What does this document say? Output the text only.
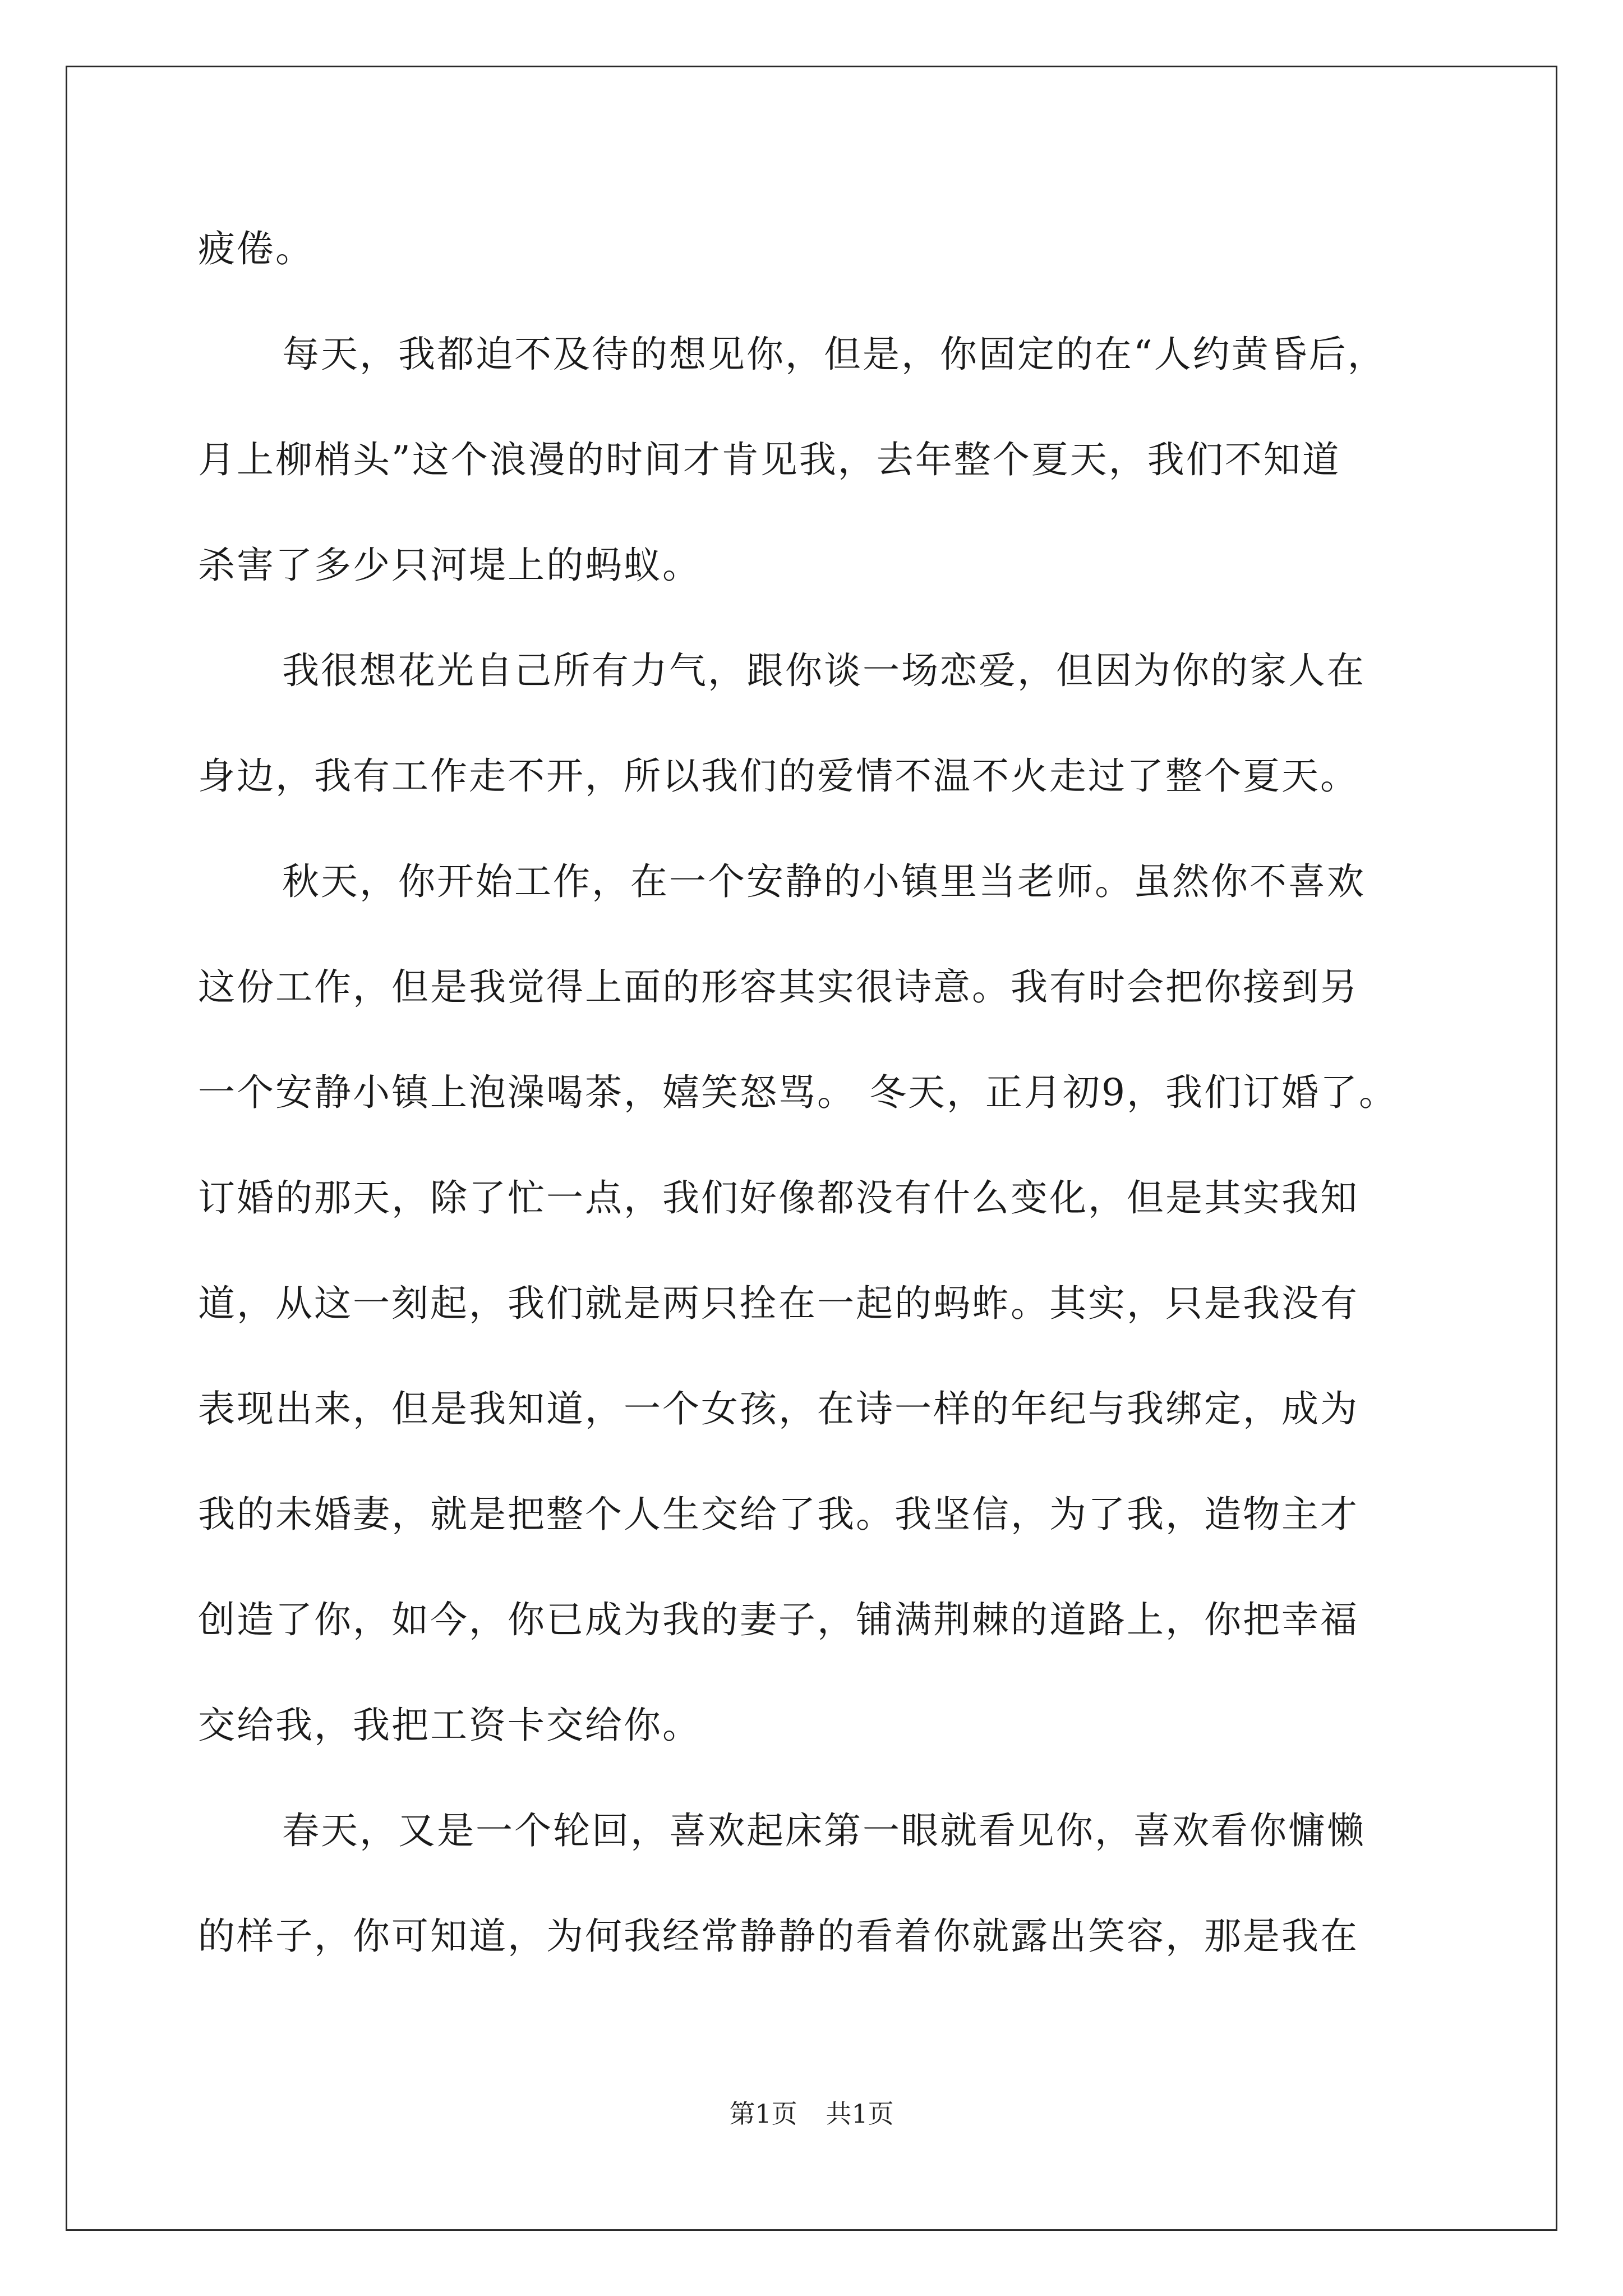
疲倦。
每天，我都迫不及待的想见你，但是，你固定的在“人约黄昏后，
月上柳梢头”这个浪漫的时间才肯见我，去年整个夏天，我们不知道
杀害了多少只河堤上的蚂蚁。
我很想花光自己所有力气，跟你谈一场恋爱，但因为你的家人在
身边，我有工作走不开，所以我们的爱情不温不火走过了整个夏天。
秋天，你开始工作，在一个安静的小镇里当老师。虽然你不喜欢
这份工作，但是我觉得上面的形容其实很诗意。我有时会把你接到另
一个安静小镇上泡澡喝茶，嬉笑怒骂。 冬天，正月初9，我们订婚了。
订婚的那天，除了忙一点，我们好像都没有什么变化，但是其实我知
道，从这一刻起，我们就是两只拴在一起的蚂蚱。其实，只是我没有
表现出来，但是我知道，一个女孩，在诗一样的年纪与我绑定，成为
我的未婚妻，就是把整个人生交给了我。我坚信，为了我，造物主才
创造了你，如今，你已成为我的妻子，铺满荆棘的道路上，你把幸福
交给我，我把工资卡交给你。
春天，又是一个轮回，喜欢起床第一眼就看见你，喜欢看你慵懒
的样子，你可知道，为何我经常静静的看着你就露出笑容，那是我在
第1页 共1页
